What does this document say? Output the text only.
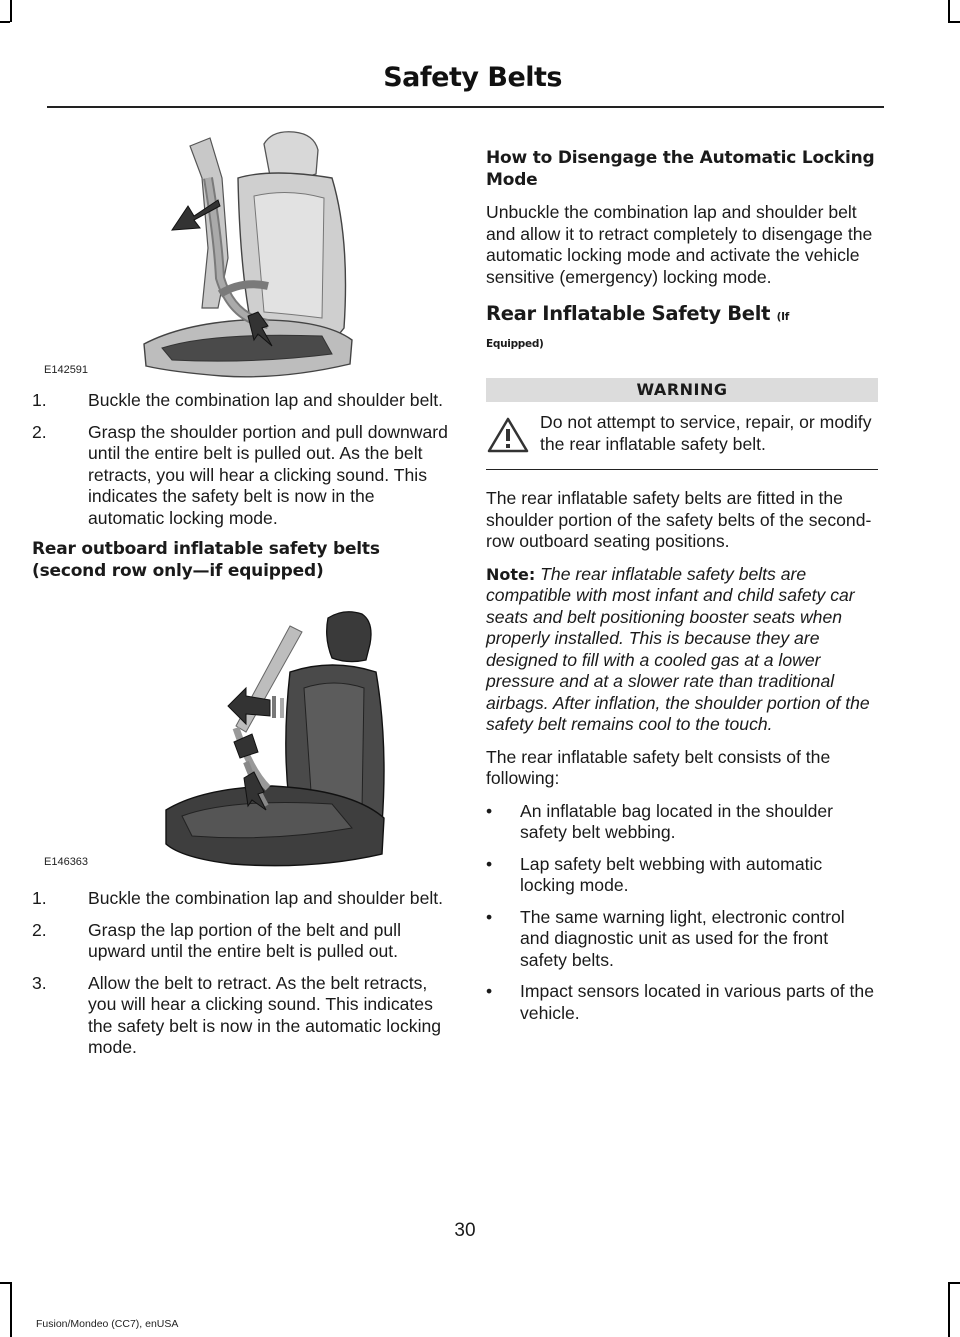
Safety Belts
E142591
1.	Buckle the combination lap and shoulder belt.
2.	Grasp the shoulder portion and pull downward until the entire belt is pulled out. As the belt retracts, you will hear a clicking sound. This indicates the safety belt is now in the automatic locking mode.
Rear outboard inflatable safety belts (second row only—if equipped)
E146363
1.	Buckle the combination lap and shoulder belt.
2.	Grasp the lap portion of the belt and pull upward until the entire belt is pulled out.
3.	Allow the belt to retract. As the belt retracts, you will hear a clicking sound. This indicates the safety belt is now in the automatic locking mode.
How to Disengage the Automatic Locking Mode

Unbuckle the combination lap and shoulder belt and allow it to retract completely to disengage the automatic locking mode and activate the vehicle sensitive (emergency) locking mode.

Rear Inflatable Safety Belt (If
Equipped)
WARNING

Do not attempt to service, repair, or modify the rear inflatable safety belt.

The rear inflatable safety belts are fitted in the shoulder portion of the safety belts of the second-row outboard seating positions.

Note: The rear inflatable safety belts are compatible with most infant and child safety car seats and belt positioning booster seats when properly installed. This is because they are designed to fill with a cooled gas at a lower pressure and at a slower rate than traditional airbags. After inflation, the shoulder portion of the safety belt remains cool to the touch.

The rear inflatable safety belt consists of the following:

• An inflatable bag located in the shoulder safety belt webbing.
• Lap safety belt webbing with automatic locking mode.
• The same warning light, electronic control and diagnostic unit as used for the front safety belts.
• Impact sensors located in various parts of the vehicle.

30

Fusion/Mondeo (CC7), enUSA
